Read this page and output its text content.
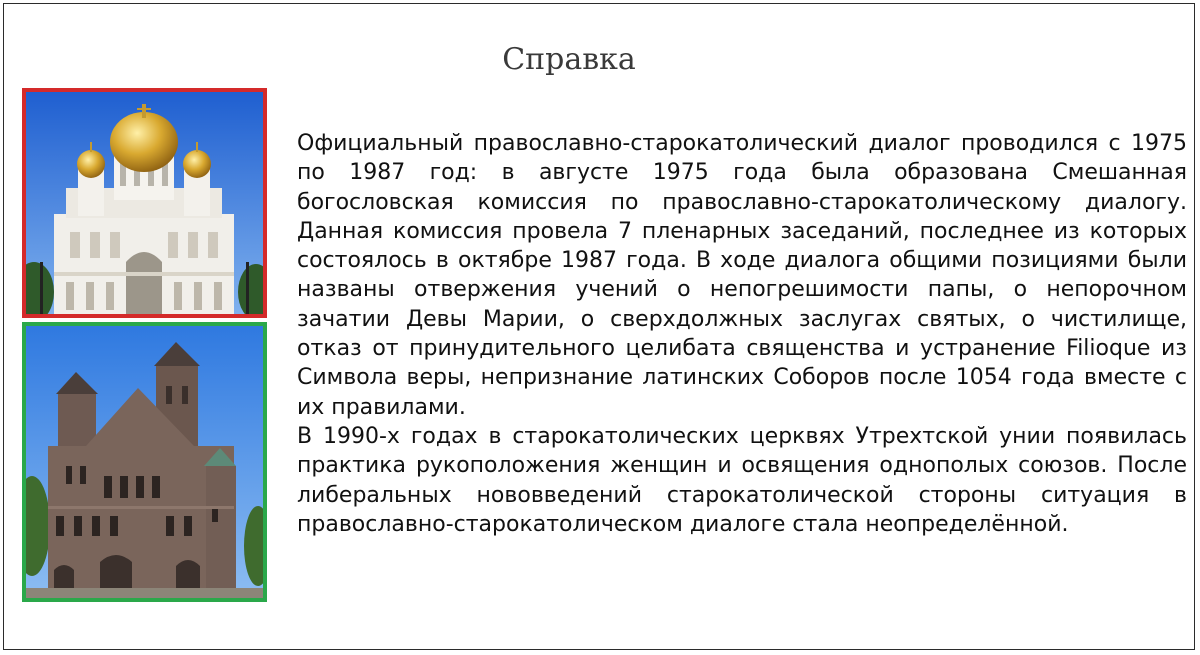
Справка

Официальный православно-старокатолический диалог проводился с 1975 по 1987 год: в августе 1975 года была образована Смешанная богословская комиссия по православно-старокатолическому диалогу. Данная комиссия провела 7 пленарных заседаний, последнее из которых состоялось в октябре 1987 года. В ходе диалога общими позициями были названы отвержения учений о непогрешимости папы, о непорочном зачатии Девы Марии, о сверхдолжных заслугах святых, о чистилище, отказ от принудительного целибата священства и устранение Filioque из Символа веры, непризнание латинских Соборов после 1054 года вместе с их правилами.

В 1990-х годах в старокатолических церквях Утрехтской унии появилась практика рукоположения женщин и освящения однополых союзов. После либеральных нововведений старокатолической стороны ситуация в православно-старокатолическом диалоге стала неопределённой.
